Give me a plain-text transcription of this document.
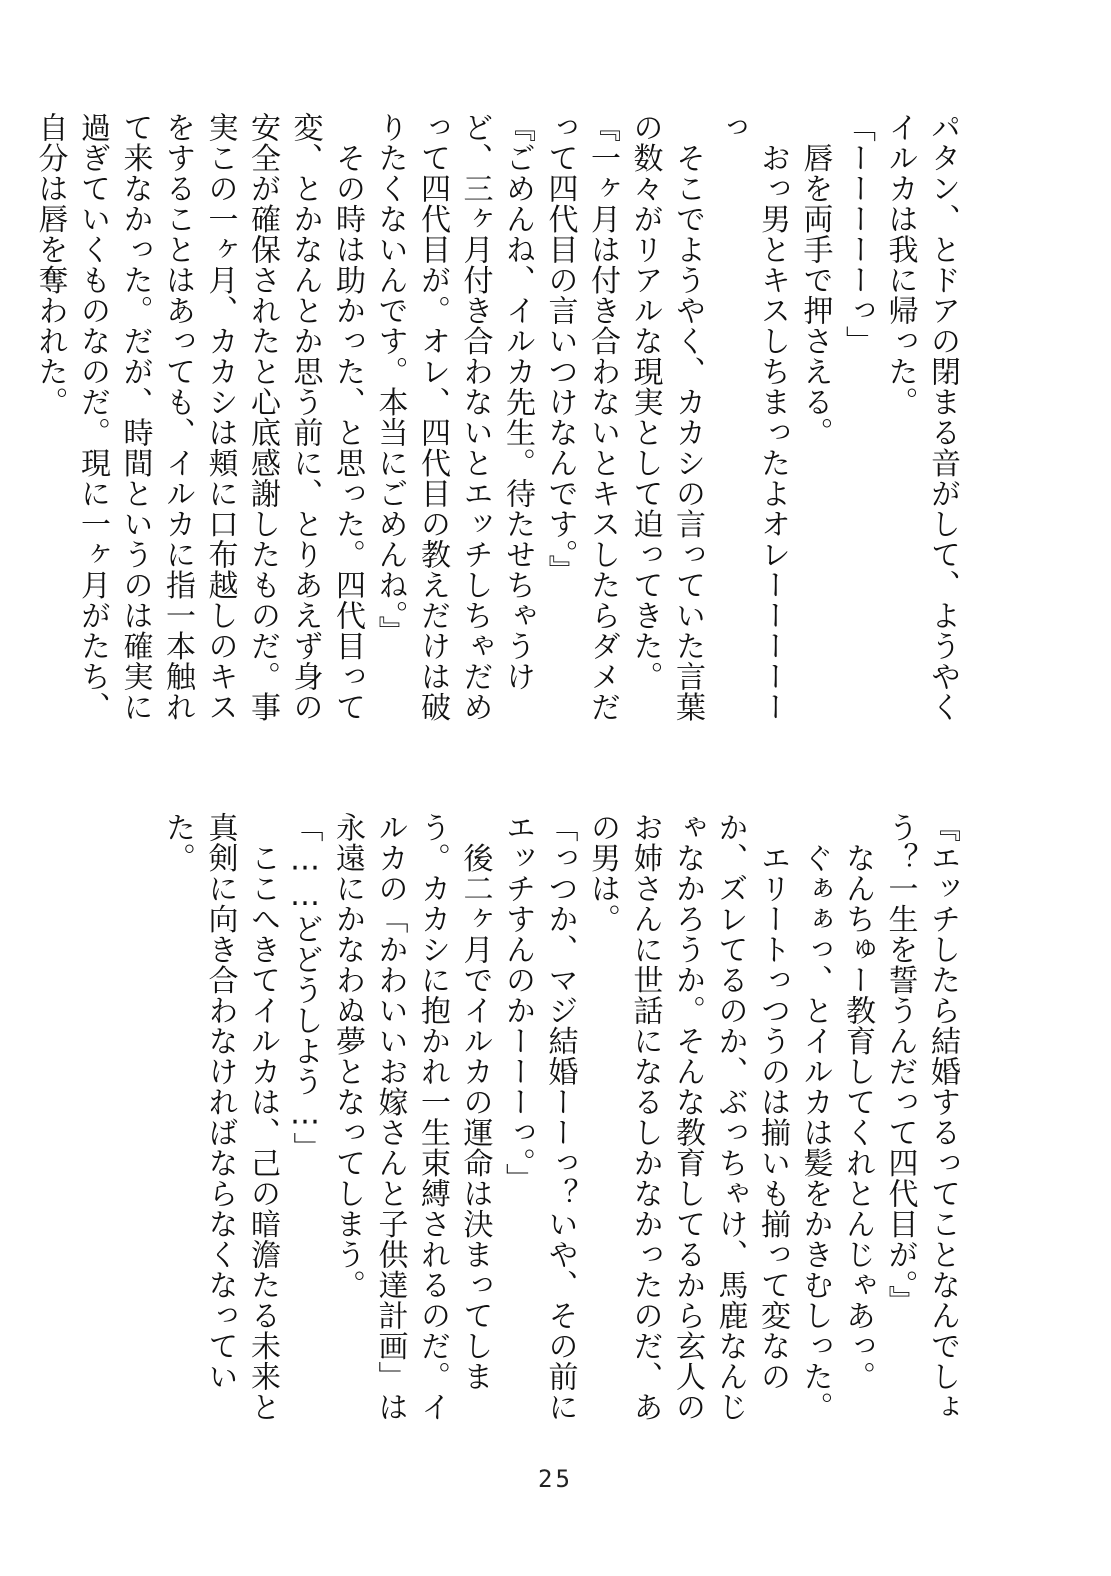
パタン、とドアの閉まる音がして、ようやくイルカは我に帰った。

「ーーーーーっ」

　唇を両手で押さえる。

　おっ男とキスしちまったよオレーーーーーっ

　そこでようやく、カカシの言っていた言葉の数々がリアルな現実として迫ってきた。

『一ヶ月は付き合わないとキスしたらダメだって四代目の言いつけなんです。』

『ごめんね、イルカ先生。待たせちゃうけど、三ヶ月付き合わないとエッチしちゃだめって四代目が。オレ、四代目の教えだけは破りたくないんです。本当にごめんね。』

　その時は助かった、と思った。四代目って変、とかなんとか思う前に、とりあえず身の安全が確保されたと心底感謝したものだ。事実この一ヶ月、カカシは頬に口布越しのキスをすることはあっても、イルカに指一本触れて来なかった。だが、時間というのは確実に過ぎていくものなのだ。現に一ヶ月がたち、自分は唇を奪われた。

『エッチしたら結婚するってことなんでしょう？一生を誓うんだって四代目が。』

　なんちゅー教育してくれとんじゃあっ。

　ぐぁぁっ、とイルカは髪をかきむしった。

　エリートっつうのは揃いも揃って変なのか、ズレてるのか、ぶっちゃけ、馬鹿なんじゃなかろうか。そんな教育してるから玄人のお姉さんに世話になるしかなかったのだ、あの男は。

「っつか、マジ結婚ーーっ？いや、その前にエッチすんのかーーーっ。」

　後二ヶ月でイルカの運命は決まってしまう。カカシに抱かれ一生束縛されるのだ。イルカの「かわいいお嫁さんと子供達計画」は永遠にかなわぬ夢となってしまう。

「……どどうしよう…」

　ここへきてイルカは、己の暗澹たる未来と真剣に向き合わなければならなくなっていた。

25
